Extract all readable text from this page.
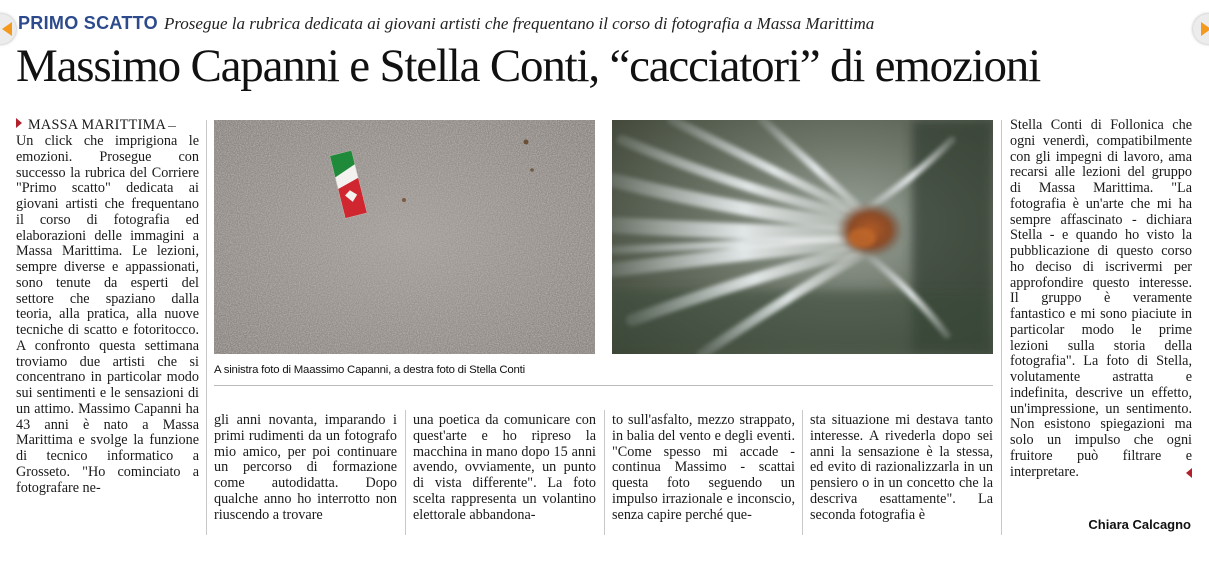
PRIMO SCATTO Prosegue la rubrica dedicata ai giovani artisti che frequentano il corso di fotografia a Massa Marittima
Massimo Capanni e Stella Conti, “cacciatori” di emozioni
MASSA MARITTIMA

Un click che imprigiona le emozioni. Prosegue con successo la rubrica del Corriere "Primo scatto" dedicata ai giovani artisti che frequentano il corso di fotografia ed elaborazioni delle immagini a Massa Marittima. Le lezioni, sempre diverse e appassionati, sono tenute da esperti del settore che spaziano dalla teoria, alla pratica, alla nuove tecniche di scatto e fotoritocco. A confronto questa settimana troviamo due artisti che si concentrano in particolar modo sui sentimenti e le sensazioni di un attimo. Massimo Capanni ha 43 anni è nato a Massa Marittima e svolge la funzione di tecnico informatico a Grosseto. "Ho cominciato a fotografare ne-

A sinistra foto di Maassimo Capanni, a destra foto di Stella Conti

gli anni novanta, imparando i primi rudimenti da un fotografo mio amico, per poi continuare un percorso di formazione come autodidatta. Dopo qualche anno ho interrotto non riuscendo a trovare

una poetica da comunicare con quest'arte e ho ripreso la macchina in mano dopo 15 anni avendo, ovviamente, un punto di vista differente". La foto scelta rappresenta un volantino elettorale abbandona-

to sull'asfalto, mezzo strappato, in balia del vento e degli eventi. "Come spesso mi accade - continua Massimo - scattai questa foto seguendo un impulso irrazionale e inconscio, senza capire perché que-

sta situazione mi destava tanto interesse. A rivederla dopo sei anni la sensazione è la stessa, ed evito di razionalizzarla in un pensiero o in un concetto che la descriva esattamente". La seconda fotografia è

Stella Conti di Follonica che ogni venerdì, compatibilmente con gli impegni di lavoro, ama recarsi alle lezioni del gruppo di Massa Marittima. "La fotografia è un'arte che mi ha sempre affascinato - dichiara Stella - e quando ho visto la pubblicazione di questo corso ho deciso di iscrivermi per approfondire questo interesse. Il gruppo è veramente fantastico e mi sono piaciute in particolar modo le prime lezioni sulla storia della fotografia". La foto di Stella, volutamente astratta e indefinita, descrive un effetto, un'impressione, un sentimento. Non esistono spiegazioni ma solo un impulso che ogni fruitore può filtrare e interpretare.

Chiara Calcagno
